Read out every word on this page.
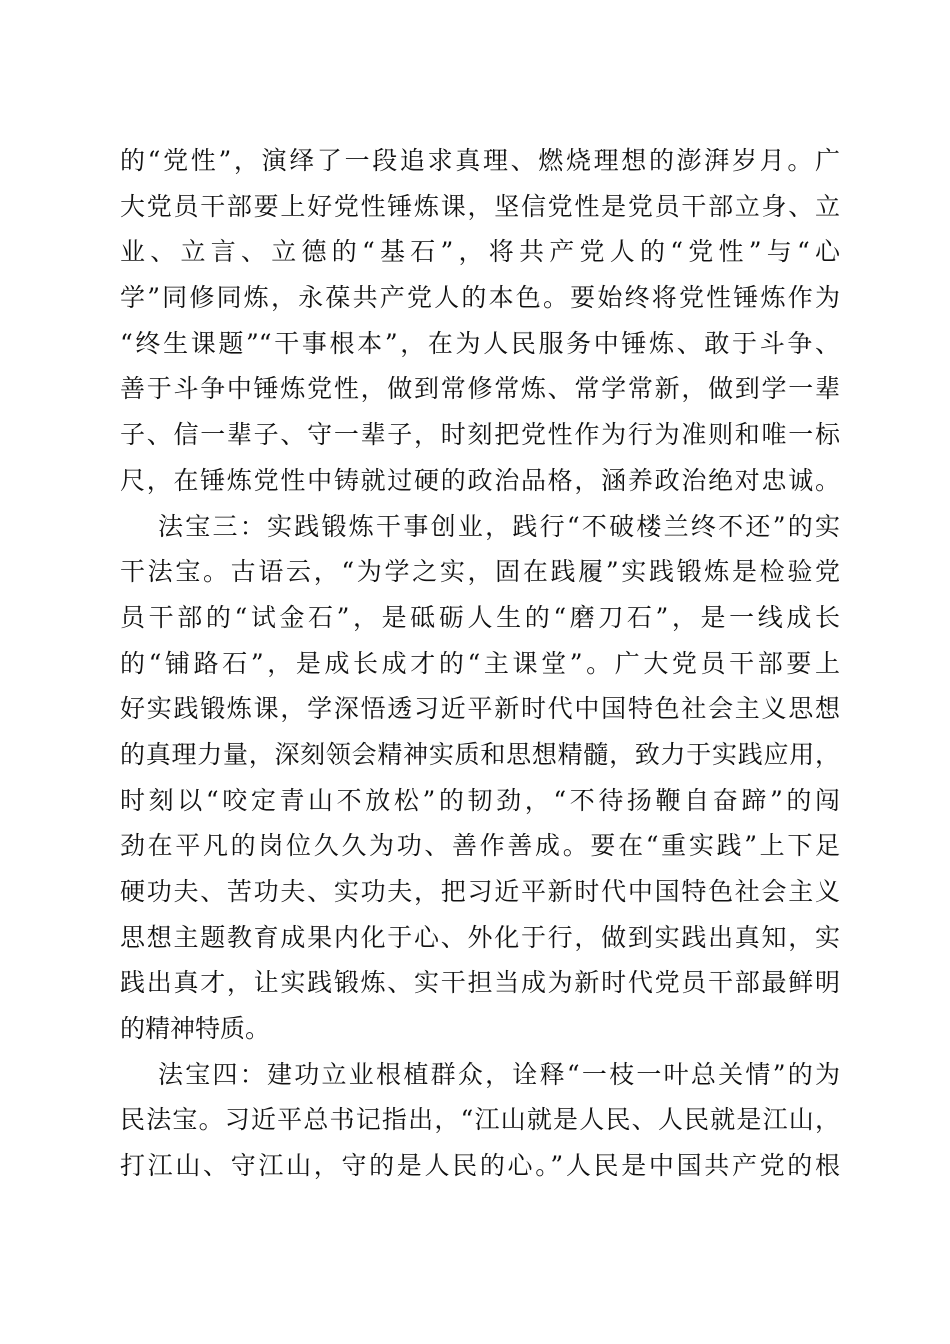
的“党性”，演绎了一段追求真理、燃烧理想的澎湃岁月。广
大党员干部要上好党性锤炼课，坚信党性是党员干部立身、立
业、立言、立德的“基石”，将共产党人的“党性”与“心
学”同修同炼，永葆共产党人的本色。要始终将党性锤炼作为
“终生课题”“干事根本”，在为人民服务中锤炼、敢于斗争、
善于斗争中锤炼党性，做到常修常炼、常学常新，做到学一辈
子、信一辈子、守一辈子，时刻把党性作为行为准则和唯一标
尺，在锤炼党性中铸就过硬的政治品格，涵养政治绝对忠诚。
法宝三：实践锻炼干事创业，践行“不破楼兰终不还”的实
干法宝。古语云，“为学之实，固在践履”实践锻炼是检验党
员干部的“试金石”，是砥砺人生的“磨刀石”，是一线成长
的“铺路石”，是成长成才的“主课堂”。广大党员干部要上
好实践锻炼课，学深悟透习近平新时代中国特色社会主义思想
的真理力量，深刻领会精神实质和思想精髓，致力于实践应用，
时刻以“咬定青山不放松”的韧劲，“不待扬鞭自奋蹄”的闯
劲在平凡的岗位久久为功、善作善成。要在“重实践”上下足
硬功夫、苦功夫、实功夫，把习近平新时代中国特色社会主义
思想主题教育成果内化于心、外化于行，做到实践出真知，实
践出真才，让实践锻炼、实干担当成为新时代党员干部最鲜明
的精神特质。
法宝四：建功立业根植群众，诠释“一枝一叶总关情”的为
民法宝。习近平总书记指出，“江山就是人民、人民就是江山，
打江山、守江山，守的是人民的心。”人民是中国共产党的根
